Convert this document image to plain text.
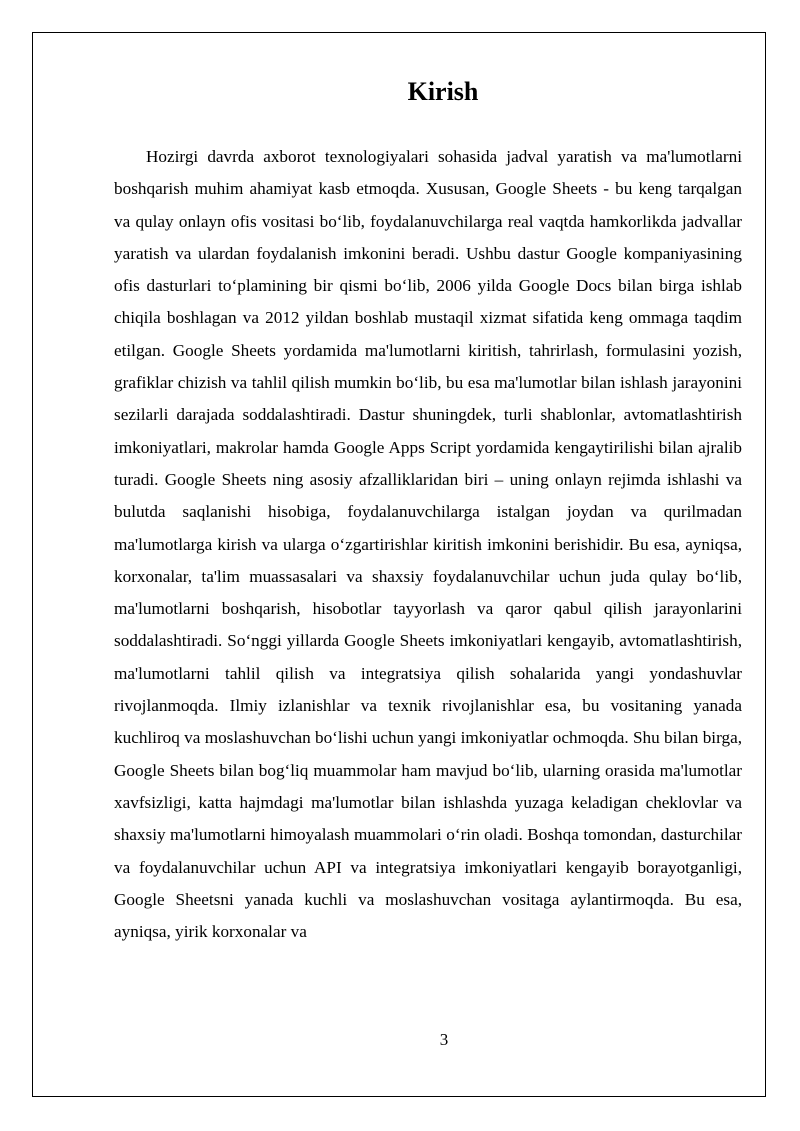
Kirish

Hozirgi davrda axborot texnologiyalari sohasida jadval yaratish va ma'lumotlarni boshqarish muhim ahamiyat kasb etmoqda. Xususan, Google Sheets - bu keng tarqalgan va qulay onlayn ofis vositasi bo‘lib, foydalanuvchilarga real vaqtda hamkorlikda jadvallar yaratish va ulardan foydalanish imkonini beradi. Ushbu dastur Google kompaniyasining ofis dasturlari to‘plamining bir qismi bo‘lib, 2006 yilda Google Docs bilan birga ishlab chiqila boshlagan va 2012 yildan boshlab mustaqil xizmat sifatida keng ommaga taqdim etilgan. Google Sheets yordamida ma'lumotlarni kiritish, tahrirlash, formulasini yozish, grafiklar chizish va tahlil qilish mumkin bo‘lib, bu esa ma'lumotlar bilan ishlash jarayonini sezilarli darajada soddalashtiradi. Dastur shuningdek, turli shablonlar, avtomatlashtirish imkoniyatlari, makrolar hamda Google Apps Script yordamida kengaytirilishi bilan ajralib turadi. Google Sheets ning asosiy afzalliklaridan biri – uning onlayn rejimda ishlashi va bulutda saqlanishi hisobiga, foydalanuvchilarga istalgan joydan va qurilmadan ma'lumotlarga kirish va ularga o‘zgartirishlar kiritish imkonini berishidir. Bu esa, ayniqsa, korxonalar, ta'lim muassasalari va shaxsiy foydalanuvchilar uchun juda qulay bo‘lib, ma'lumotlarni boshqarish, hisobotlar tayyorlash va qaror qabul qilish jarayonlarini soddalashtiradi. So‘nggi yillarda Google Sheets imkoniyatlari kengayib, avtomatlashtirish, ma'lumotlarni tahlil qilish va integratsiya qilish sohalarida yangi yondashuvlar rivojlanmoqda. Ilmiy izlanishlar va texnik rivojlanishlar esa, bu vositaning yanada kuchliroq va moslashuvchan bo‘lishi uchun yangi imkoniyatlar ochmoqda. Shu bilan birga, Google Sheets bilan bog‘liq muammolar ham mavjud bo‘lib, ularning orasida ma'lumotlar xavfsizligi, katta hajmdagi ma'lumotlar bilan ishlashda yuzaga keladigan cheklovlar va shaxsiy ma'lumotlarni himoyalash muammolari o‘rin oladi. Boshqa tomondan, dasturchilar va foydalanuvchilar uchun API va integratsiya imkoniyatlari kengayib borayotganligi, Google Sheetsni yanada kuchli va moslashuvchan vositaga aylantirmoqda. Bu esa, ayniqsa, yirik korxonalar va

3
